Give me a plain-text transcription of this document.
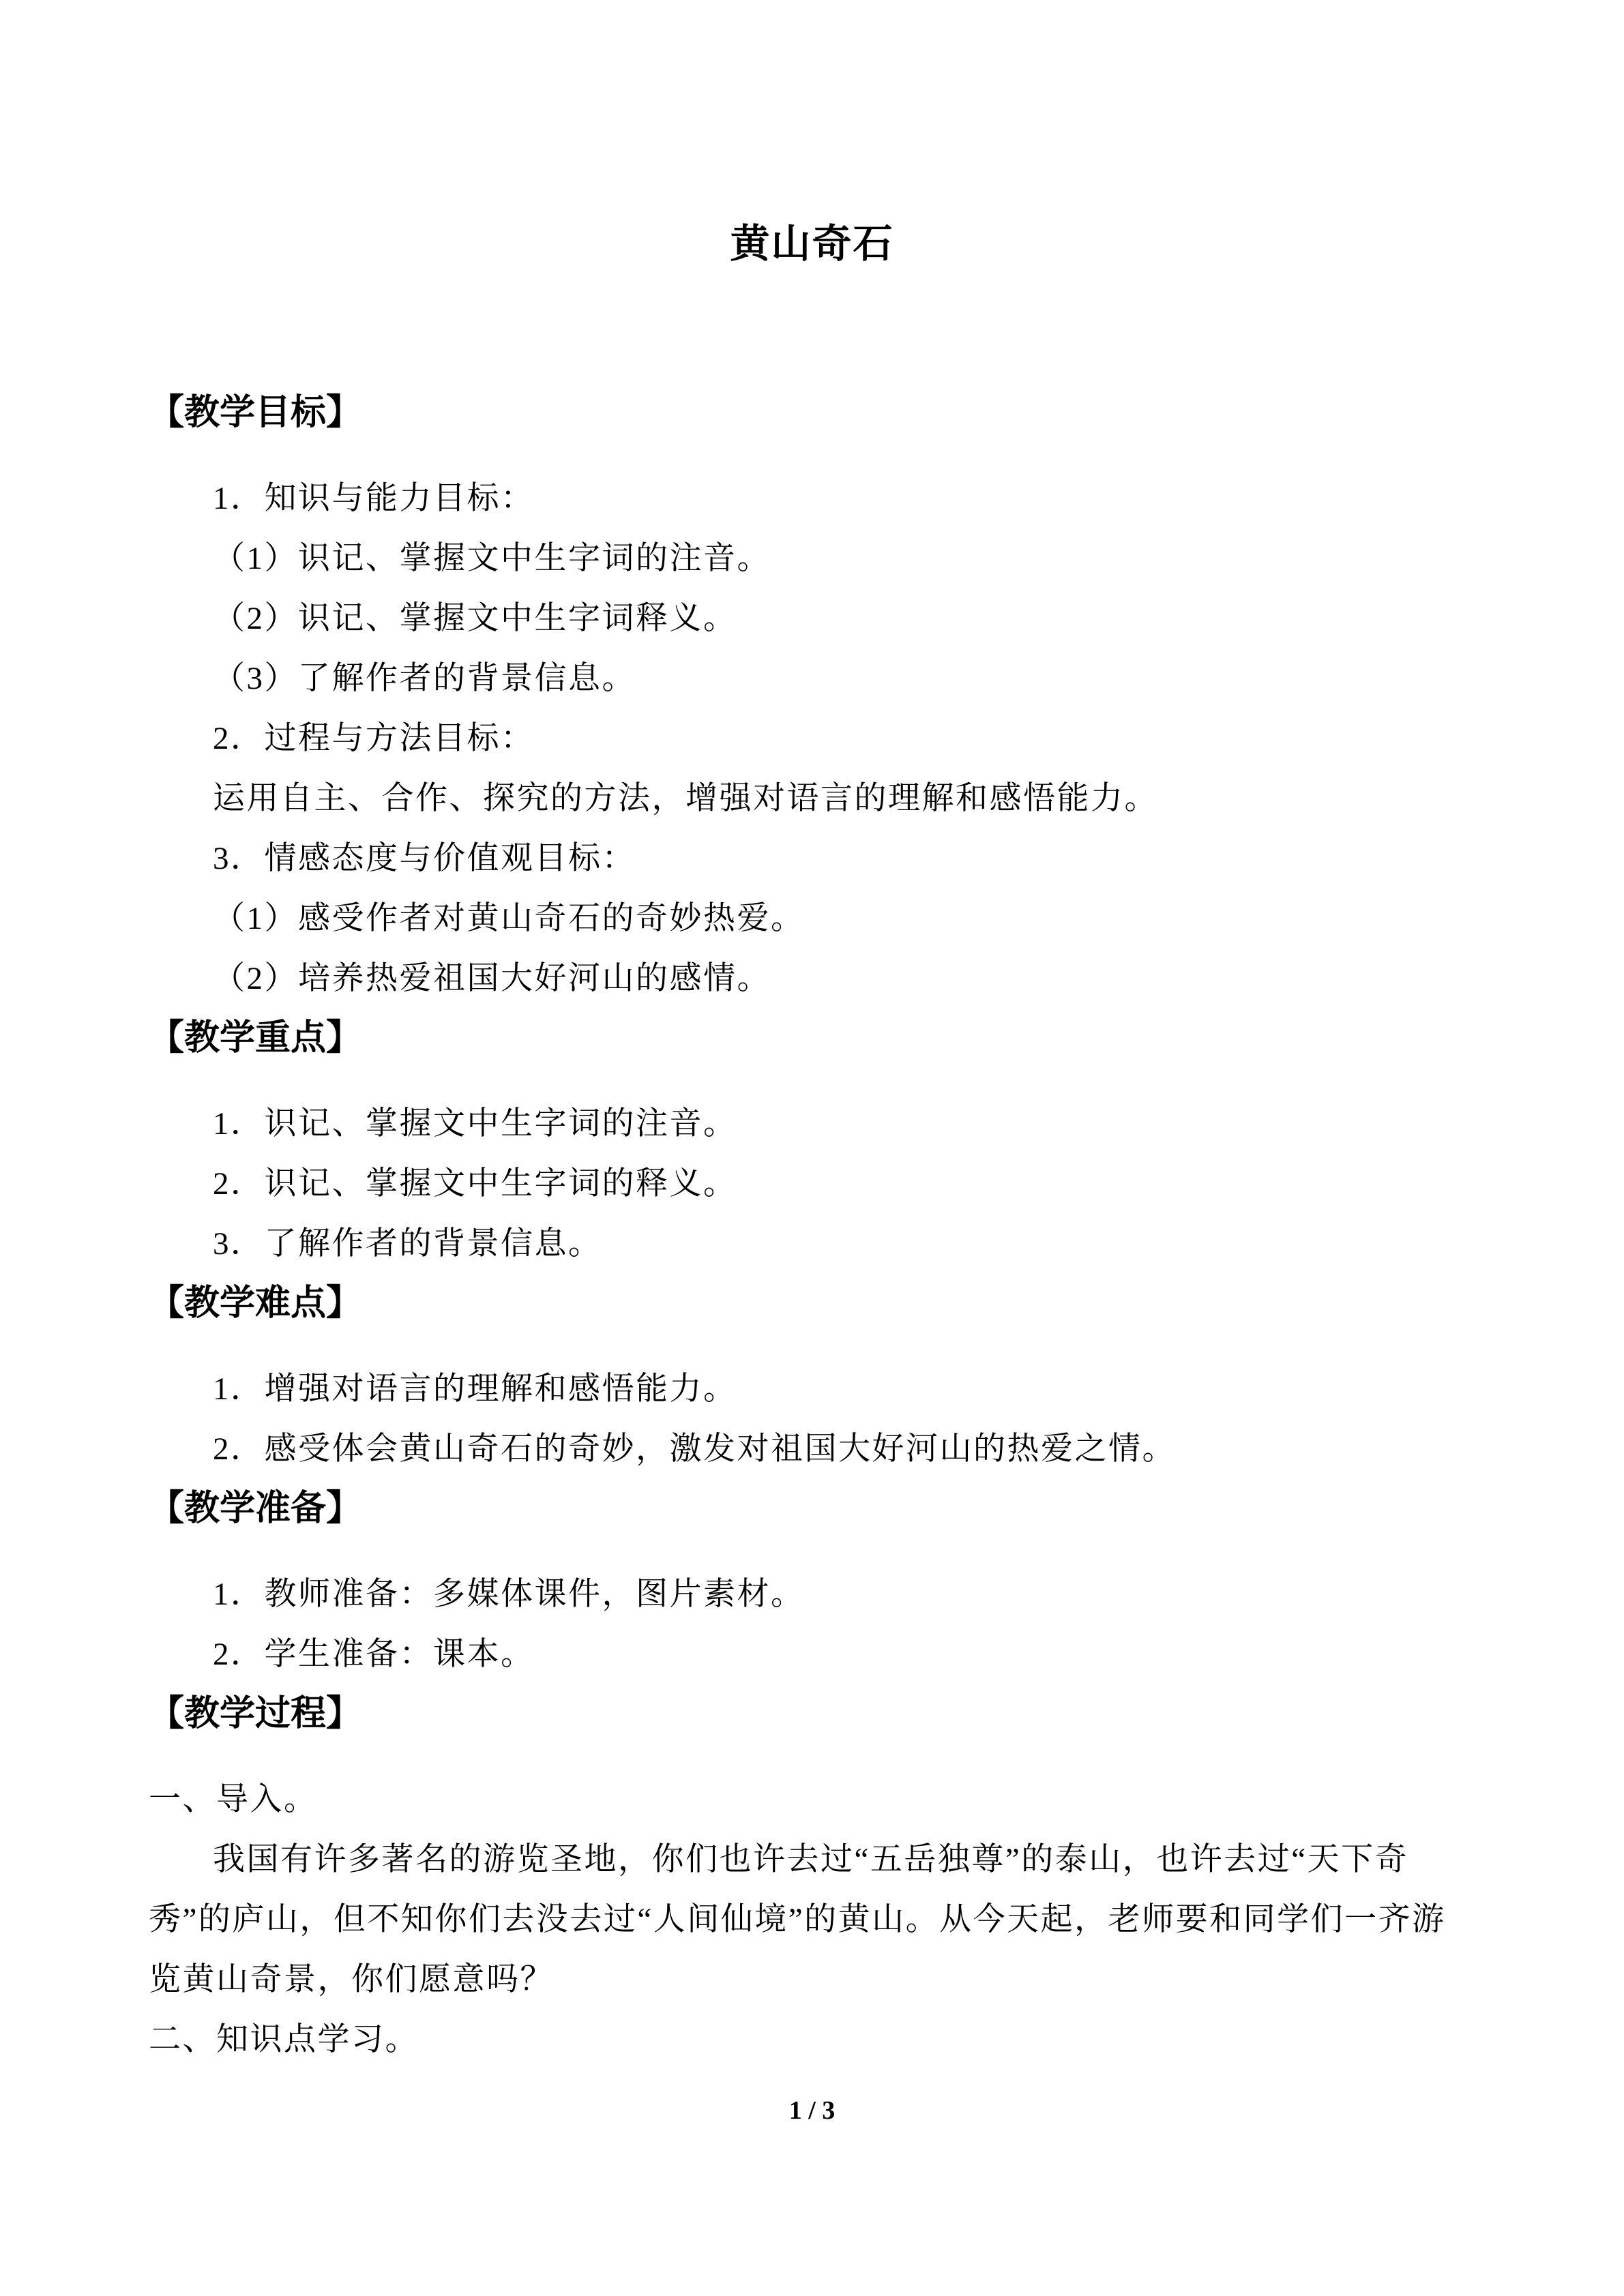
黄山奇石
【教学目标】
1．知识与能力目标：
（1）识记、掌握文中生字词的注音。
（2）识记、掌握文中生字词释义。
（3）了解作者的背景信息。
2．过程与方法目标：
运用自主、合作、探究的方法，增强对语言的理解和感悟能力。
3．情感态度与价值观目标：
（1）感受作者对黄山奇石的奇妙热爱。
（2）培养热爱祖国大好河山的感情。
【教学重点】
1．识记、掌握文中生字词的注音。
2．识记、掌握文中生字词的释义。
3．了解作者的背景信息。
【教学难点】
1．增强对语言的理解和感悟能力。
2．感受体会黄山奇石的奇妙，激发对祖国大好河山的热爱之情。
【教学准备】
1．教师准备：多媒体课件，图片素材。
2．学生准备：课本。
【教学过程】
一、导入。
我国有许多著名的游览圣地，你们也许去过“五岳独尊”的泰山，也许去过“天下奇
秀”的庐山，但不知你们去没去过“人间仙境”的黄山。从今天起，老师要和同学们一齐游
览黄山奇景，你们愿意吗？
二、知识点学习。
1 / 3
